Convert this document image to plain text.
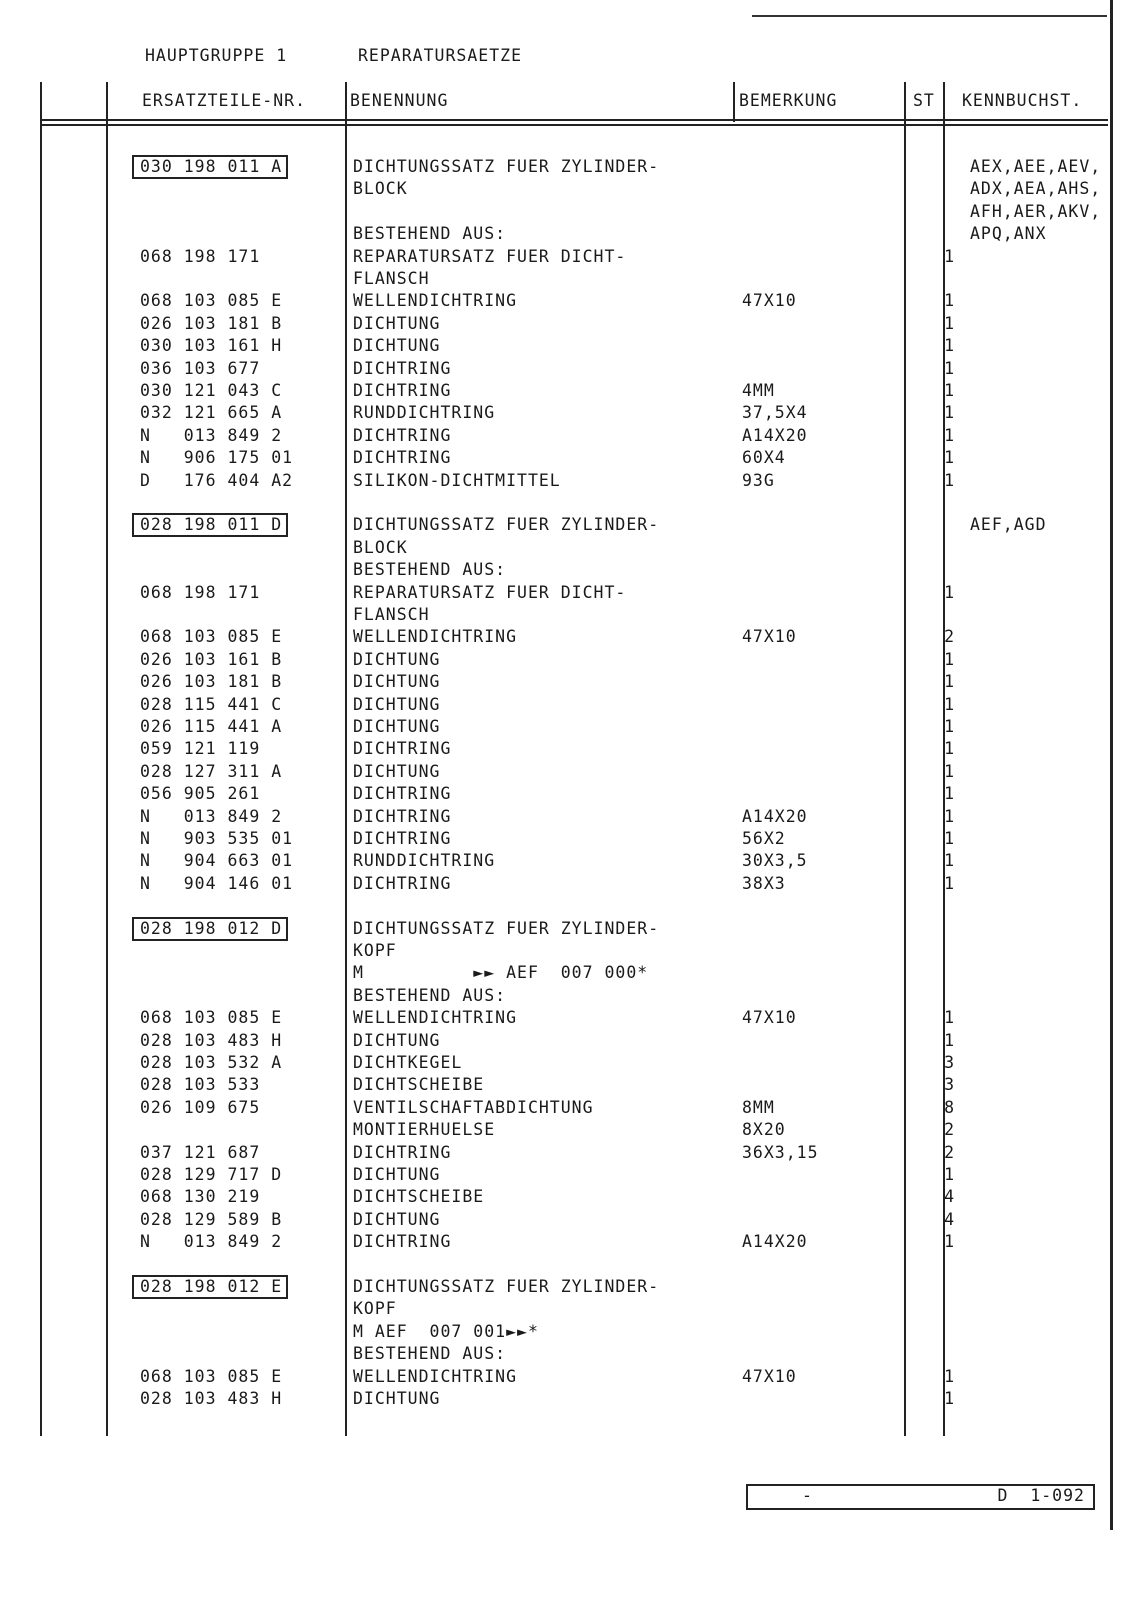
HAUPTGRUPPE 1	REPARATURSAETZE
ERSATZTEILE-NR.	BENENNUNG	BEMERKUNG	ST KENNBUCHST.
030 198 011 A	DICHTUNGSSATZ FUER ZYLINDER-	AEX,AEE,AEV,
BLOCK	ADX,AEA,AHS,
AFH,AER,AKV,
BESTEHEND AUS:	APQ,ANX
068 198 171	REPARATURSATZ FUER DICHT-	1
FLANSCH
068 103 085 E	WELLENDICHTRING	47X10	1
026 103 181 B	DICHTUNG	1
030 103 161 H	DICHTUNG	1
036 103 677	DICHTRING	1
030 121 043 C	DICHTRING	4MM	1
032 121 665 A	RUNDDICHTRING	37,5X4	1
N   013 849 2	DICHTRING	A14X20	1
N   906 175 01	DICHTRING	60X4	1
D   176 404 A2	SILIKON-DICHTMITTEL	93G	1
028 198 011 D	DICHTUNGSSATZ FUER ZYLINDER-	AEF,AGD
BLOCK
BESTEHEND AUS:
068 198 171	REPARATURSATZ FUER DICHT-	1
FLANSCH
068 103 085 E	WELLENDICHTRING	47X10	2
026 103 161 B	DICHTUNG	1
026 103 181 B	DICHTUNG	1
028 115 441 C	DICHTUNG	1
026 115 441 A	DICHTUNG	1
059 121 119	DICHTRING	1
028 127 311 A	DICHTUNG	1
056 905 261	DICHTRING	1
N   013 849 2	DICHTRING	A14X20	1
N   903 535 01	DICHTRING	56X2	1
N   904 663 01	RUNDDICHTRING	30X3,5	1
N   904 146 01	DICHTRING	38X3	1
028 198 012 D	DICHTUNGSSATZ FUER ZYLINDER-
KOPF
M          ►► AEF  007 000*
BESTEHEND AUS:
068 103 085 E	WELLENDICHTRING	47X10	1
028 103 483 H	DICHTUNG	1
028 103 532 A	DICHTKEGEL	3
028 103 533	DICHTSCHEIBE	3
026 109 675	VENTILSCHAFTABDICHTUNG	8MM	8
MONTIERHUELSE	8X20	2
037 121 687	DICHTRING	36X3,15	2
028 129 717 D	DICHTUNG	1
068 130 219	DICHTSCHEIBE	4
028 129 589 B	DICHTUNG	4
N   013 849 2	DICHTRING	A14X20	1
028 198 012 E	DICHTUNGSSATZ FUER ZYLINDER-
KOPF
M AEF  007 001►►*
BESTEHEND AUS:
068 103 085 E	WELLENDICHTRING	47X10	1
028 103 483 H	DICHTUNG	1
-	D  1-092
